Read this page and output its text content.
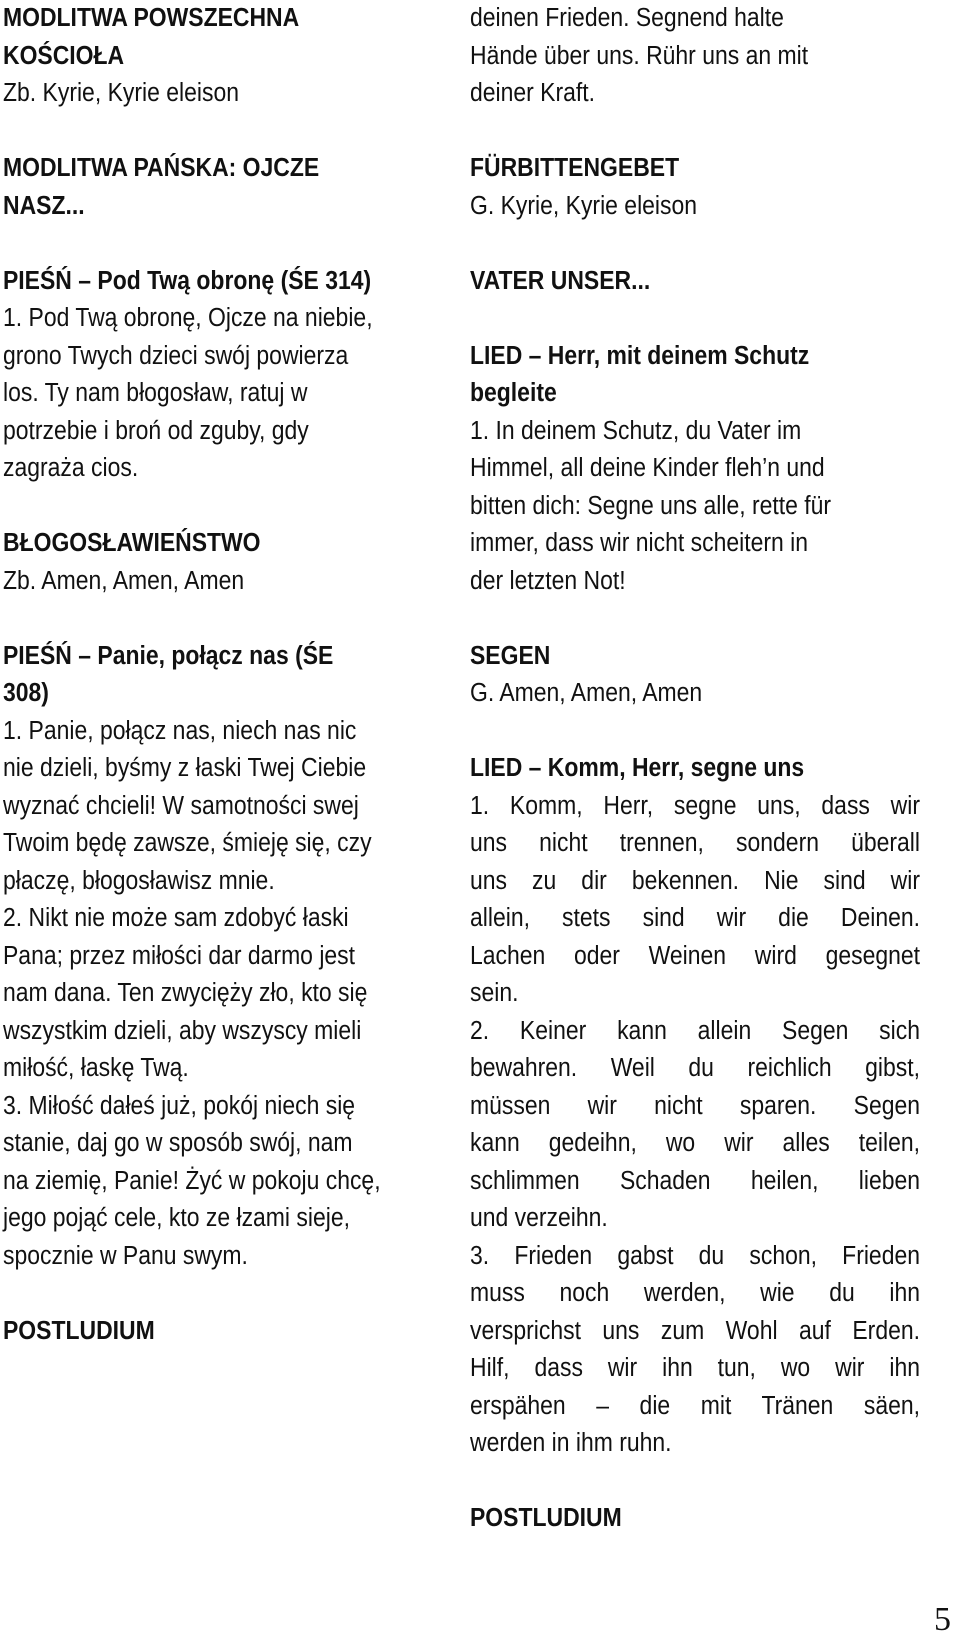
MODLITWA POWSZECHNA
KOŚCIOŁA
Zb. Kyrie, Kyrie eleison
MODLITWA PAŃSKA: OJCZE
NASZ...
PIEŚŃ – Pod Twą obronę (ŚE 314)
1. Pod Twą obronę, Ojcze na niebie,
grono Twych dzieci swój powierza
los. Ty nam błogosław, ratuj w
potrzebie i broń od zguby, gdy
zagraża cios.
BŁOGOSŁAWIEŃSTWO
Zb. Amen, Amen, Amen
PIEŚŃ – Panie, połącz nas (ŚE
308)
1. Panie, połącz nas, niech nas nic
nie dzieli, byśmy z łaski Twej Ciebie
wyznać chcieli! W samotności swej
Twoim będę zawsze, śmieję się, czy
płaczę, błogosławisz mnie.
2. Nikt nie może sam zdobyć łaski
Pana; przez miłości dar darmo jest
nam dana. Ten zwycięży zło, kto się
wszystkim dzieli, aby wszyscy mieli
miłość, łaskę Twą.
3. Miłość dałeś już, pokój niech się
stanie, daj go w sposób swój, nam
na ziemię, Panie! Żyć w pokoju chcę,
jego pojąć cele, kto ze łzami sieje,
spocznie w Panu swym.
POSTLUDIUM
deinen Frieden. Segnend halte
Hände über uns. Rühr uns an mit
deiner Kraft.
FÜRBITTENGEBET
G. Kyrie, Kyrie eleison
VATER UNSER...
LIED – Herr, mit deinem Schutz
begleite
1. In deinem Schutz, du Vater im
Himmel, all deine Kinder fleh’n und
bitten dich: Segne uns alle, rette für
immer, dass wir nicht scheitern in
der letzten Not!
SEGEN
G. Amen, Amen, Amen
LIED – Komm, Herr, segne uns
1. Komm, Herr, segne uns, dass wir
uns nicht trennen, sondern überall
uns zu dir bekennen. Nie sind wir
allein, stets sind wir die Deinen.
Lachen oder Weinen wird gesegnet
sein.
2. Keiner kann allein Segen sich
bewahren. Weil du reichlich gibst,
müssen wir nicht sparen. Segen
kann gedeihn, wo wir alles teilen,
schlimmen Schaden heilen, lieben
und verzeihn.
3. Frieden gabst du schon, Frieden
muss noch werden, wie du ihn
versprichst uns zum Wohl auf Erden.
Hilf, dass wir ihn tun, wo wir ihn
erspähen – die mit Tränen säen,
werden in ihm ruhn.
POSTLUDIUM
5
